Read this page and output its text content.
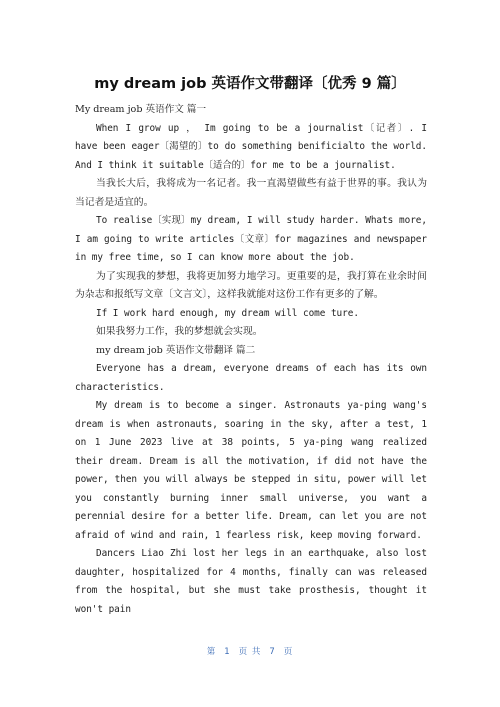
my dream job 英语作文带翻译〔优秀 9 篇〕

My dream job 英语作文 篇一

When I grow up ， Im going to be a journalist〔记者〕. I have been eager〔渴望的〕to do something benificialto the world. And I think it suitable〔适合的〕for me to be a journalist.

当我长大后，我将成为一名记者。我一直渴望做些有益于世界的事。我认为当记者是适宜的。

To realise〔实现〕my dream, I will study harder. Whats more, I am going to write articles〔文章〕for magazines and newspaper in my free time, so I can know more about the job.

为了实现我的梦想，我将更加努力地学习。更重要的是，我打算在业余时间为杂志和报纸写文章〔文言文〕，这样我就能对这份工作有更多的了解。

If I work hard enough, my dream will come ture.

如果我努力工作，我的梦想就会实现。

my dream job 英语作文带翻译 篇二

Everyone has a dream, everyone dreams of each has its own characteristics.

My dream is to become a singer. Astronauts ya-ping wang's dream is when astronauts, soaring in the sky, after a test, 1 on 1 June 2023 live at 38 points, 5 ya-ping wang realized their dream. Dream is all the motivation, if did not have the power, then you will always be stepped in situ, power will let you constantly burning inner small universe, you want a perennial desire for a better life. Dream, can let you are not afraid of wind and rain, 1 fearless risk, keep moving forward.

Dancers Liao Zhi lost her legs in an earthquake, also lost daughter, hospitalized for 4 months, finally can was released from the hospital, but she must take prosthesis, thought it won't pain

第 1 页 共 7 页
